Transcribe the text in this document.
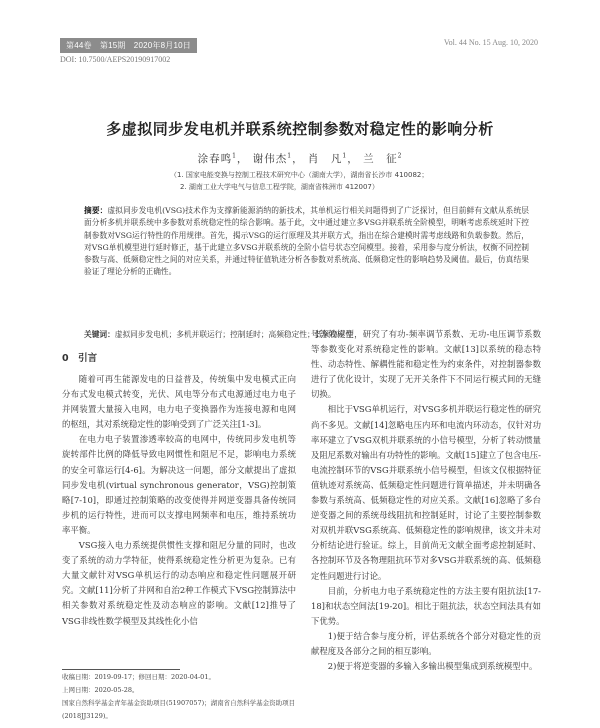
第44卷　第15期　2020年8月10日	Vol. 44 No. 15 Aug. 10, 2020
DOI: 10.7500/AEPS20190917002
多虚拟同步发电机并联系统控制参数对稳定性的影响分析
涂春鸣$^1$， 谢伟杰$^1$， 肖　凡$^1$， 兰　征$^2$
（1. 国家电能变换与控制工程技术研究中心（湖南大学），湖南省长沙市 410082；
2. 湖南工业大学电气与信息工程学院，湖南省株洲市 412007）
摘要：虚拟同步发电机(VSG)技术作为支撑新能源消纳的新技术，其单机运行相关问题得到了广泛探讨，但目前鲜有文献从系统层面分析多机并联系统中多参数对系统稳定性的综合影响。基于此，文中通过建立多VSG并联系统全阶模型，明晰考虑系统延时下控制参数对VSG运行特性的作用规律。首先，揭示VSG的运行原理及其并联方式，指出在综合建模时需考虑线路和负载参数。然后，对VSG单机模型进行延时修正，基于此建立多VSG并联系统的全阶小信号状态空间模型。接着，采用参与度分析法，权衡不同控制参数与高、低频稳定性之间的对应关系，并通过特征值轨迹分析各参数对系统高、低频稳定性的影响趋势及阈值。最后，仿真结果验证了理论分析的正确性。
关键词：虚拟同步发电机；多机并联运行；控制延时；高频稳定性；低频稳定性
0　引言

随着可再生能源发电的日益普及，传统集中发电模式正向分布式发电模式转变，光伏、风电等分布式电源通过电力电子并网装置大量接入电网，电力电子变换器作为连接电源和电网的枢纽，其对系统稳定性的影响受到了广泛关注[1-3]。

在电力电子装置渗透率较高的电网中，传统同步发电机等旋转部件比例的降低导致电网惯性和阻尼不足，影响电力系统的安全可靠运行[4-6]。为解决这一问题，部分文献提出了虚拟同步发电机(virtual synchronous generator，VSG)控制策略[7-10]，即通过控制策略的改变使得并网逆变器具备传统同步机的运行特性，进而可以支撑电网频率和电压，维持系统功率平衡。

VSG接入电力系统提供惯性支撑和阻尼分量的同时，也改变了系统的动力学特征，使得系统稳定性分析更为复杂。已有大量文献针对VSG单机运行的动态响应和稳定性问题展开研究。文献[11]分析了并网和自治2种工作模式下VSG控制算法中相关参数对系统稳定性及动态响应的影响。文献[12]推导了VSG非线性数学模型及其线性化小信

号等效模型，研究了有功-频率调节系数、无功-电压调节系数等参数变化对系统稳定性的影响。文献[13]以系统的稳态特性、动态特性、解耦性能和稳定性为约束条件，对控制器参数进行了优化设计，实现了无开关条件下不同运行模式间的无缝切换。

相比于VSG单机运行，对VSG多机并联运行稳定性的研究尚不多见。文献[14]忽略电压内环和电流内环动态，仅针对功率环建立了VSG双机并联系统的小信号模型，分析了转动惯量及阻尼系数对输出有功特性的影响。文献[15]建立了包含电压-电流控制环节的VSG并联系统小信号模型，但该文仅根据特征值轨迹对系统高、低频稳定性问题进行简单描述，并未明确各参数与系统高、低频稳定性的对应关系。文献[16]忽略了多台逆变器之间的系统母线阻抗和控制延时，讨论了主要控制参数对双机并联VSG系统高、低频稳定性的影响规律，该文并未对分析结论进行验证。综上，目前尚无文献全面考虑控制延时、各控制环节及各物理阻抗环节对多VSG并联系统的高、低频稳定性问题进行讨论。

目前，分析电力电子系统稳定性的方法主要有阻抗法[17-18]和状态空间法[19-20]。相比于阻抗法，状态空间法具有如下优势。

1)便于结合参与度分析，评估系统各个部分对稳定性的贡献程度及各部分之间的相互影响。

2)便于将逆变器的多输入多输出模型集成到系统模型中。

收稿日期：2019-09-17；修回日期：2020-04-01。
上网日期：2020-05-28。
国家自然科学基金青年基金资助项目(51907057)；湖南省自然科学基金资助项目(2018JJ3129)。
